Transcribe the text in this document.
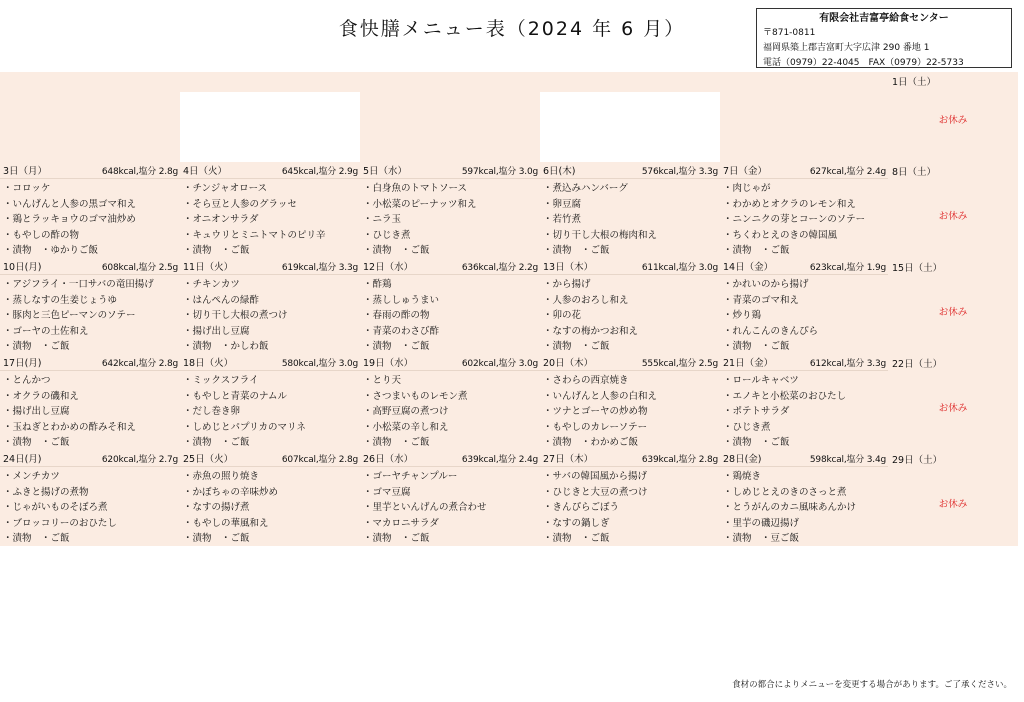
食快膳メニュー表（2024 年 6 月）	有限会社吉富亭給食センター
〒871-0811
福岡県築上郡吉富町大字広津 290 番地 1
電話（0979）22-4045　FAX（0979）22-5733
1日（土）
お休み
3日（月）	648kcal,塩分 2.8g
・ コロッケ
・ いんげんと人参の黒ゴマ和え
・ 鶏とラッキョウのゴマ油炒め
・ もやしの酢の物
・ 漬物　・ゆかりご飯
4日（火）	645kcal,塩分 2.9g
・ チンジャオロース
・ そら豆と人参のグラッセ
・ オニオンサラダ
・ キュウリとミニトマトのピリ辛
・ 漬物　・ご飯
5日（水）	597kcal,塩分 3.0g
・ 白身魚のトマトソース
・ 小松菜のピーナッツ和え
・ ニラ玉
・ ひじき煮
・ 漬物　・ご飯
6日(木)	576kcal,塩分 3.3g
・ 煮込みハンバーグ
・ 卵豆腐
・ 若竹煮
・ 切り干し大根の梅肉和え
・ 漬物　・ご飯
7日（金）	627kcal,塩分 2.4g
・ 肉じゃが
・ わかめとオクラのレモン和え
・ ニンニクの芽とコーンのソテー
・ ちくわとえのきの韓国風
・ 漬物　・ご飯
8日（土）
お休み
10日(月)	608kcal,塩分 2.5g
・ アジフライ・一口サバの竜田揚げ
・ 蒸しなすの生姜じょうゆ
・ 豚肉と三色ピーマンのソテー
・ ゴーヤの土佐和え
・ 漬物　・ご飯
11日（火）	619kcal,塩分 3.3g
・ チキンカツ
・ はんぺんの緑酢
・ 切り干し大根の煮つけ
・ 揚げ出し豆腐
・ 漬物　・かしわ飯
12日（水）	636kcal,塩分 2.2g
・ 酢鶏
・ 蒸ししゅうまい
・ 春雨の酢の物
・ 青菜のわさび酢
・ 漬物　・ご飯
13日（木）	611kcal,塩分 3.0g
・ から揚げ
・ 人参のおろし和え
・ 卯の花
・ なすの梅かつお和え
・ 漬物　・ご飯
14日（金）	623kcal,塩分 1.9g
・ かれいのから揚げ
・ 青菜のゴマ和え
・ 炒り鶏
・ れんこんのきんぴら
・ 漬物　・ご飯
15日（土）
お休み
17日(月)	642kcal,塩分 2.8g
・ とんかつ
・ オクラの磯和え
・ 揚げ出し豆腐
・ 玉ねぎとわかめの酢みそ和え
・ 漬物　・ご飯
18日（火）	580kcal,塩分 3.0g
・ ミックスフライ
・ もやしと青菜のナムル
・ だし巻き卵
・ しめじとパプリカのマリネ
・ 漬物　・ご飯
19日（水）	602kcal,塩分 3.0g
・ とり天
・ さつまいものレモン煮
・ 高野豆腐の煮つけ
・ 小松菜の辛し和え
・ 漬物　・ご飯
20日（木）	555kcal,塩分 2.5g
・ さわらの西京焼き
・ いんげんと人参の白和え
・ ツナとゴーヤの炒め物
・ もやしのカレーソテー
・ 漬物　・わかめご飯
21日（金）	612kcal,塩分 3.3g
・ ロールキャベツ
・ エノキと小松菜のおひたし
・ ポテトサラダ
・ ひじき煮
・ 漬物　・ご飯
22日（土）
お休み
24日(月)	620kcal,塩分 2.7g
・ メンチカツ
・ ふきと揚げの煮物
・ じゃがいものそぼろ煮
・ ブロッコリーのおひたし
・ 漬物　・ご飯
25日（火）	607kcal,塩分 2.8g
・ 赤魚の照り焼き
・ かぼちゃの辛味炒め
・ なすの揚げ煮
・ もやしの華風和え
・ 漬物　・ご飯
26日（水）	639kcal,塩分 2.4g
・ ゴーヤチャンプルー
・ ゴマ豆腐
・ 里芋といんげんの煮合わせ
・ マカロニサラダ
・ 漬物　・ご飯
27日（木）	639kcal,塩分 2.8g
・ サバの韓国風から揚げ
・ ひじきと大豆の煮つけ
・ きんぴらごぼう
・ なすの鍋しぎ
・ 漬物　・ご飯
28日(金)	598kcal,塩分 3.4g
・ 鶏焼き
・ しめじとえのきのさっと煮
・ とうがんのカニ風味あんかけ
・ 里芋の磯辺揚げ
・ 漬物　・豆ご飯
29日（土）
お休み
食材の都合によりメニューを変更する場合があります。ご了承ください。
